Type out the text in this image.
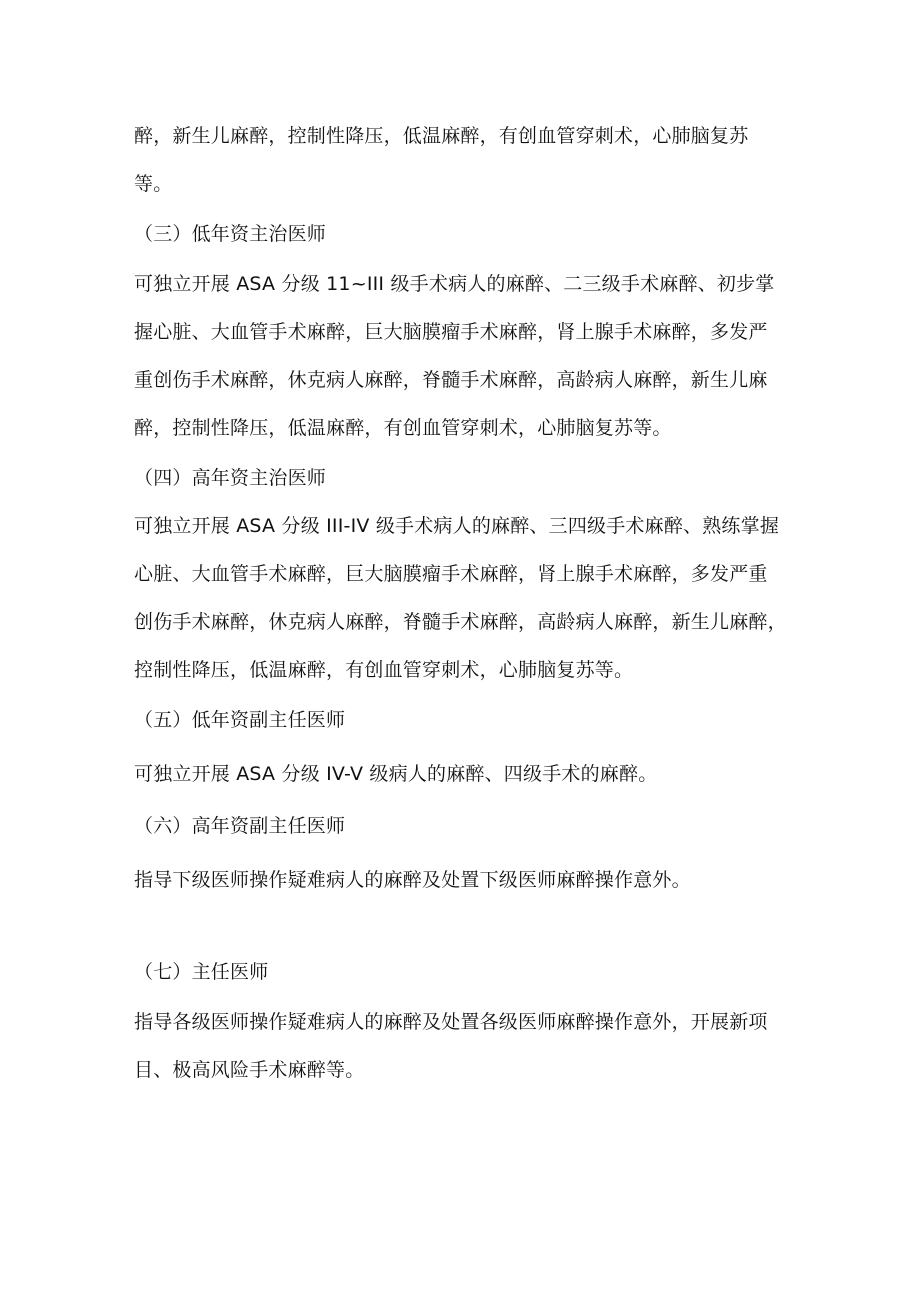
醉，新生儿麻醉，控制性降压，低温麻醉，有创血管穿刺术，心肺脑复苏
等。
（三）低年资主治医师
可独立开展 ASA 分级 11~III 级手术病人的麻醉、二三级手术麻醉、初步掌
握心脏、大血管手术麻醉，巨大脑膜瘤手术麻醉，肾上腺手术麻醉，多发严
重创伤手术麻醉，休克病人麻醉，脊髓手术麻醉，高龄病人麻醉，新生儿麻
醉，控制性降压，低温麻醉，有创血管穿刺术，心肺脑复苏等。
（四）高年资主治医师
可独立开展 ASA 分级 III-IV 级手术病人的麻醉、三四级手术麻醉、熟练掌握
心脏、大血管手术麻醉，巨大脑膜瘤手术麻醉，肾上腺手术麻醉，多发严重
创伤手术麻醉，休克病人麻醉，脊髓手术麻醉，高龄病人麻醉，新生儿麻醉，
控制性降压，低温麻醉，有创血管穿刺术，心肺脑复苏等。
（五）低年资副主任医师
可独立开展 ASA 分级 IV-V 级病人的麻醉、四级手术的麻醉。
（六）高年资副主任医师
指导下级医师操作疑难病人的麻醉及处置下级医师麻醉操作意外。
（七）主任医师
指导各级医师操作疑难病人的麻醉及处置各级医师麻醉操作意外，开展新项
目、极高风险手术麻醉等。
